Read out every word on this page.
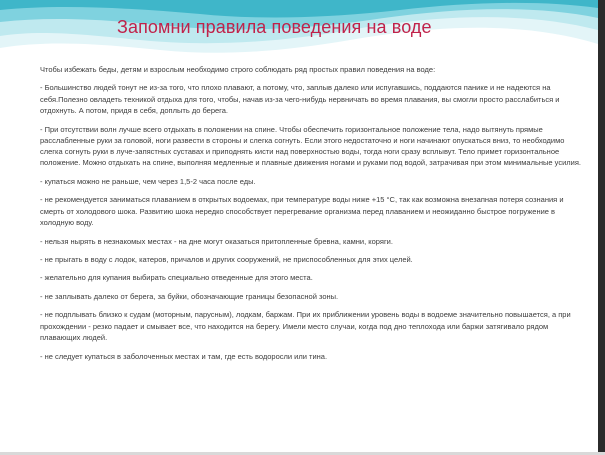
Запомни правила поведения на воде

Чтобы избежать беды, детям и взрослым необходимо строго соблюдать ряд простых правил поведения на воде:

- Большинство людей тонут не из-за того, что плохо плавают, а потому, что, заплыв далеко или испугавшись, поддаются панике и не надеются на себя.Полезно овладеть техникой отдыха для того, чтобы, начав из-за чего-нибудь нервничать во время плавания, вы смогли просто расслабиться и отдохнуть. А потом, придя в себя, доплыть до берега.

- При отсутствии волн лучше всего отдыхать в положении на спине. Чтобы обеспечить горизонтальное положение тела, надо вытянуть прямые расслабленные руки за головой, ноги развести в стороны и слегка согнуть. Если этого недостаточно и ноги начинают опускаться вниз, то необходимо слегка согнуть руки в луче-запястных суставах и приподнять кисти над поверхностью воды, тогда ноги сразу всплывут. Тело примет горизонтальное положение. Можно отдыхать на спине, выполняя медленные и плавные движения ногами и руками под водой, затрачивая при этом минимальные усилия.

- купаться можно не раньше, чем через 1,5-2 часа после еды.

- не рекомендуется заниматься плаванием в открытых водоемах, при температуре воды ниже +15 °C, так как возможна внезапная потеря сознания и смерть от холодового шока. Развитию шока нередко способствует перегревание организма перед плаванием и неожиданно быстрое погружение в холодную воду.

- нельзя нырять в незнакомых местах - на дне могут оказаться притопленные бревна, камни, коряги.

- не прыгать в воду с лодок, катеров, причалов и других сооружений, не приспособленных для этих целей.

- желательно для купания выбирать специально отведенные для этого места.

- не заплывать далеко от берега, за буйки, обозначающие границы безопасной зоны.

- не подплывать близко к судам (моторным, парусным), лодкам, баржам. При их приближении уровень воды в водоеме значительно повышается, а при прохождении - резко падает и смывает все, что находится на берегу. Имели место случаи, когда под дно теплохода или баржи затягивало рядом плавающих людей.

- не следует купаться в заболоченных местах и там, где есть водоросли или тина.
